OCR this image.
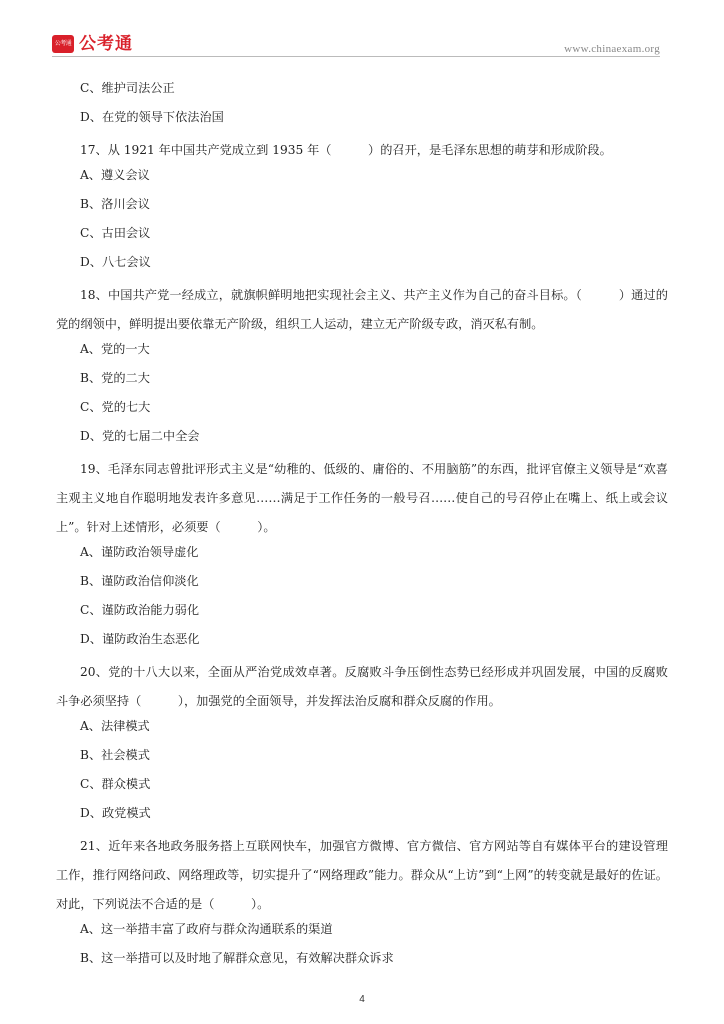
公考通 公考通	www.chinaexam.org

C、维护司法公正

D、在党的领导下依法治国

17、从 1921 年中国共产党成立到 1935 年（　　　）的召开，是毛泽东思想的萌芽和形成阶段。

A、遵义会议

B、洛川会议

C、古田会议

D、八七会议

18、中国共产党一经成立，就旗帜鲜明地把实现社会主义、共产主义作为自己的奋斗目标。（　　　）通过的党的纲领中，鲜明提出要依靠无产阶级，组织工人运动，建立无产阶级专政，消灭私有制。

A、党的一大

B、党的二大

C、党的七大

D、党的七届二中全会

19、毛泽东同志曾批评形式主义是“幼稚的、低级的、庸俗的、不用脑筋”的东西，批评官僚主义领导是“欢喜主观主义地自作聪明地发表许多意见……满足于工作任务的一般号召……使自己的号召停止在嘴上、纸上或会议上”。针对上述情形，必须要（　　　）。

A、谨防政治领导虚化

B、谨防政治信仰淡化

C、谨防政治能力弱化

D、谨防政治生态恶化

20、党的十八大以来，全面从严治党成效卓著。反腐败斗争压倒性态势已经形成并巩固发展，中国的反腐败斗争必须坚持（　　　），加强党的全面领导，并发挥法治反腐和群众反腐的作用。

A、法律模式

B、社会模式

C、群众模式

D、政党模式

21、近年来各地政务服务搭上互联网快车，加强官方微博、官方微信、官方网站等自有媒体平台的建设管理工作，推行网络问政、网络理政等，切实提升了“网络理政”能力。群众从“上访”到“上网”的转变就是最好的佐证。对此，下列说法不合适的是（　　　）。

A、这一举措丰富了政府与群众沟通联系的渠道

B、这一举措可以及时地了解群众意见，有效解决群众诉求

4
